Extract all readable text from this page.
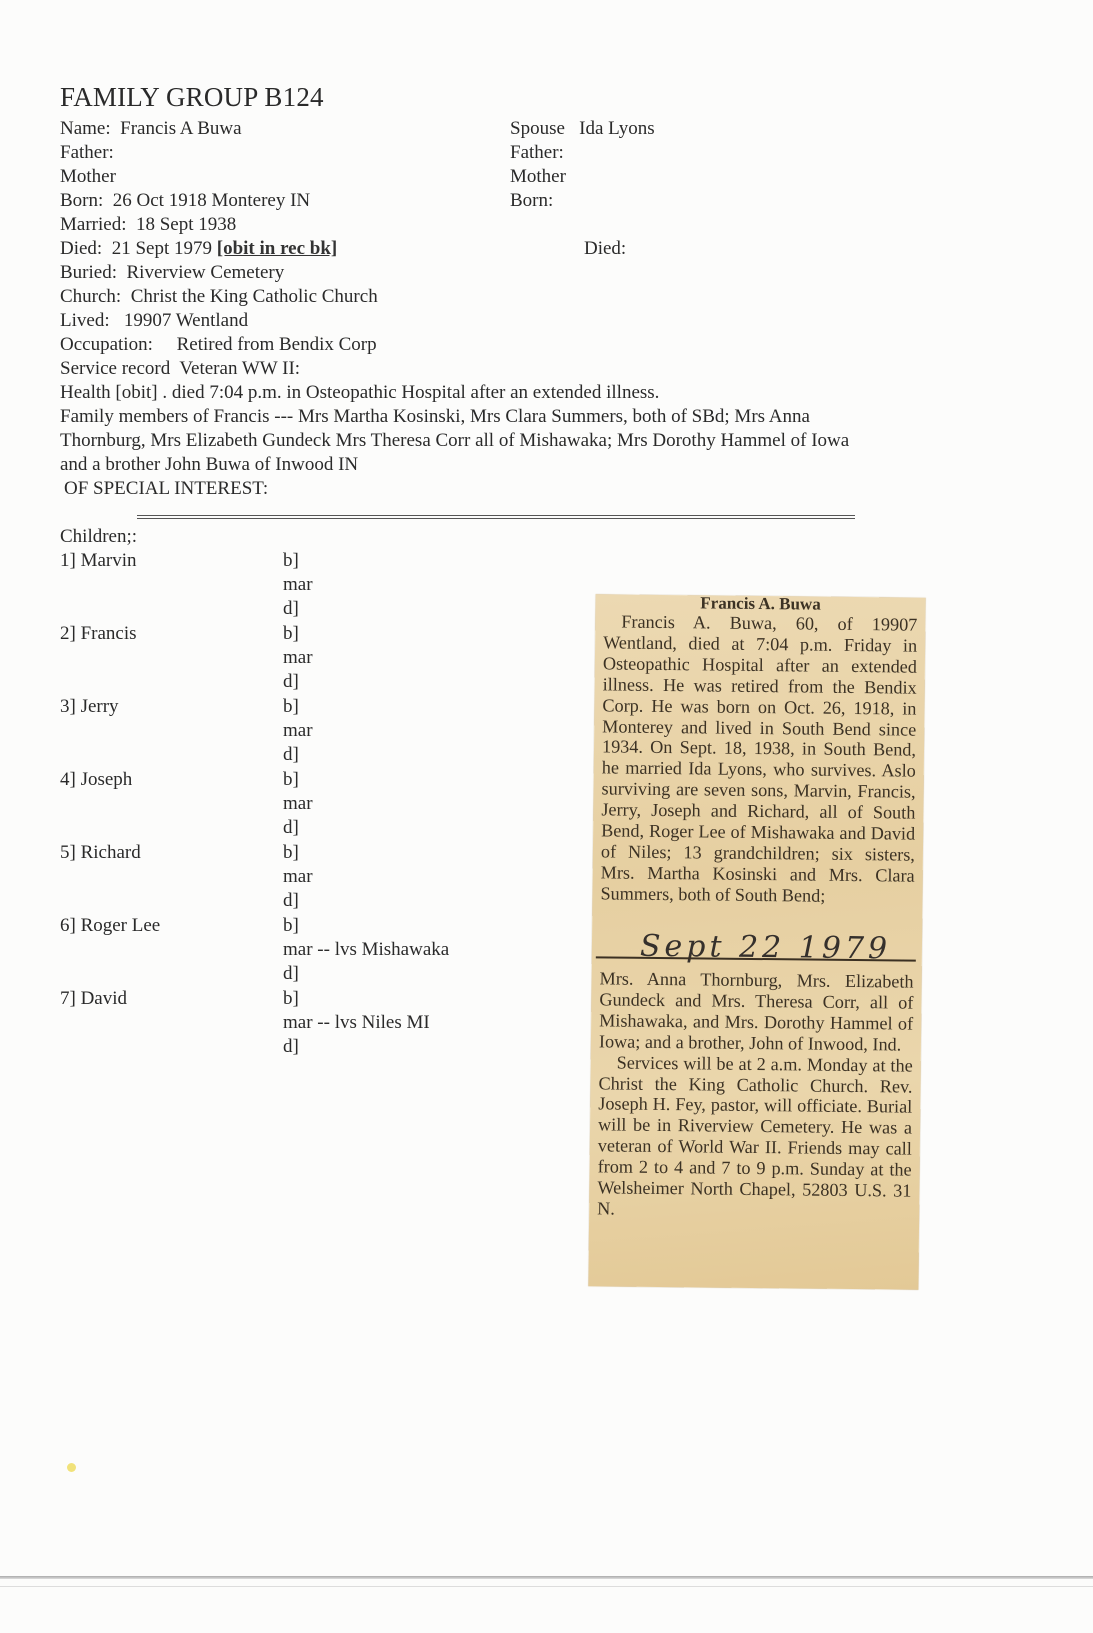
FAMILY GROUP B124
Name: Francis A Buwa
Father:
Mother
Born: 26 Oct 1918 Monterey IN
Married: 18 Sept 1938
Died: 21 Sept 1979 [obit in rec bk]
Buried: Riverview Cemetery
Church: Christ the King Catholic Church
Lived: 19907 Wentland
Occupation: Retired from Bendix Corp
Service record Veteran WW II:
Spouse Ida Lyons
Father:
Mother
Born:
Died:
Health [obit] . died 7:04 p.m. in Osteopathic Hospital after an extended illness.
Family members of Francis --- Mrs Martha Kosinski, Mrs Clara Summers, both of SBd; Mrs Anna
Thornburg, Mrs Elizabeth Gundeck Mrs Theresa Corr all of Mishawaka; Mrs Dorothy Hammel of Iowa
and a brother John Buwa of Inwood IN
OF SPECIAL INTEREST:
Children;:
1] Marvin	b]
mar
d]
2] Francis	b]
mar
d]
3] Jerry	b]
mar
d]
4] Joseph	b]
mar
d]
5] Richard	b]
mar
d]
6] Roger Lee	b]
mar -- lvs Mishawaka
d]
7] David	b]
mar -- lvs Niles MI
d]
Francis A. Buwa

Francis A. Buwa, 60, of 19907 Wentland, died at 7:04 p.m. Friday in Osteopathic Hospital after an extended illness. He was retired from the Bendix Corp. He was born on Oct. 26, 1918, in Monterey and lived in South Bend since 1934. On Sept. 18, 1938, in South Bend, he married Ida Lyons, who survives. Aslo surviving are seven sons, Marvin, Francis, Jerry, Joseph and Richard, all of South Bend, Roger Lee of Mishawaka and David of Niles; 13 grandchildren; six sisters, Mrs. Martha Kosinski and Mrs. Clara Summers, both of South Bend;

Sept 22 1979

Mrs. Anna Thornburg, Mrs. Elizabeth Gundeck and Mrs. Theresa Corr, all of Mishawaka, and Mrs. Dorothy Hammel of Iowa; and a brother, John of Inwood, Ind.

Services will be at 2 a.m. Monday at the Christ the King Catholic Church. Rev. Joseph H. Fey, pastor, will officiate. Burial will be in Riverview Cemetery. He was a veteran of World War II. Friends may call from 2 to 4 and 7 to 9 p.m. Sunday at the Welsheimer North Chapel, 52803 U.S. 31 N.
